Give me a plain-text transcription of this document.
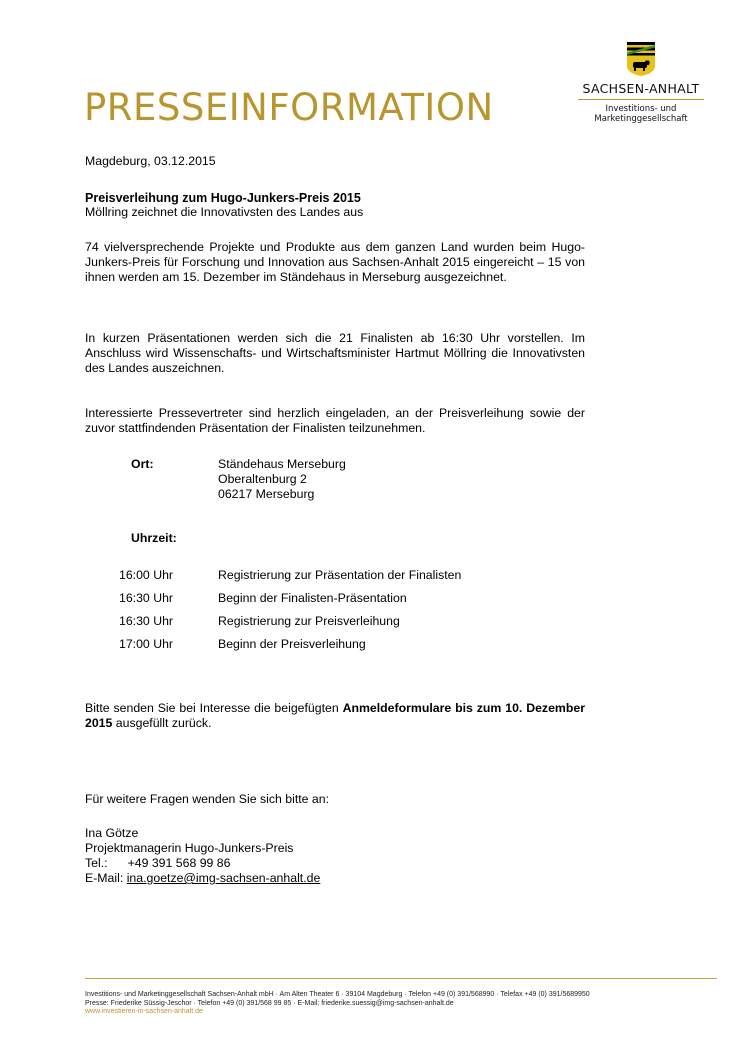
PRESSEINFORMATION	SACHSEN-ANHALT
Investitions- und
Marketinggesellschaft
Magdeburg, 03.12.2015
Preisverleihung zum Hugo-Junkers-Preis 2015
Möllring zeichnet die Innovativsten des Landes aus
74 vielversprechende Projekte und Produkte aus dem ganzen Land wurden beim Hugo-Junkers-Preis für Forschung und Innovation aus Sachsen-Anhalt 2015 eingereicht – 15 von ihnen werden am 15. Dezember im Ständehaus in Merseburg ausgezeichnet.
In kurzen Präsentationen werden sich die 21 Finalisten ab 16:30 Uhr vorstellen. Im Anschluss wird Wissenschafts- und Wirtschaftsminister Hartmut Möllring die Innovativsten des Landes auszeichnen.
Interessierte Pressevertreter sind herzlich eingeladen, an der Preisverleihung sowie der zuvor stattfindenden Präsentation der Finalisten teilzunehmen.
Ort:	Ständehaus Merseburg
Oberaltenburg 2
06217 Merseburg
Uhrzeit:
16:00 Uhr	Registrierung zur Präsentation der Finalisten
16:30 Uhr	Beginn der Finalisten-Präsentation
16:30 Uhr	Registrierung zur Preisverleihung
17:00 Uhr	Beginn der Preisverleihung
Bitte senden Sie bei Interesse die beigefügten Anmeldeformulare bis zum 10. Dezember 2015 ausgefüllt zurück.
Für weitere Fragen wenden Sie sich bitte an:
Ina Götze
Projektmanagerin Hugo-Junkers-Preis
Tel.: +49 391 568 99 86
E-Mail: ina.goetze@img-sachsen-anhalt.de
Investitions- und Marketinggesellschaft Sachsen-Anhalt mbH · Am Alten Theater 6 · 39104 Magdeburg · Telefon +49 (0) 391/568990 · Telefax +49 (0) 391/5689950
Presse: Friederike Süssig-Jeschor · Telefon +49 (0) 391/568 99 85 · E-Mail: friederike.suessig@img-sachsen-anhalt.de
www.investieren-in-sachsen-anhalt.de
